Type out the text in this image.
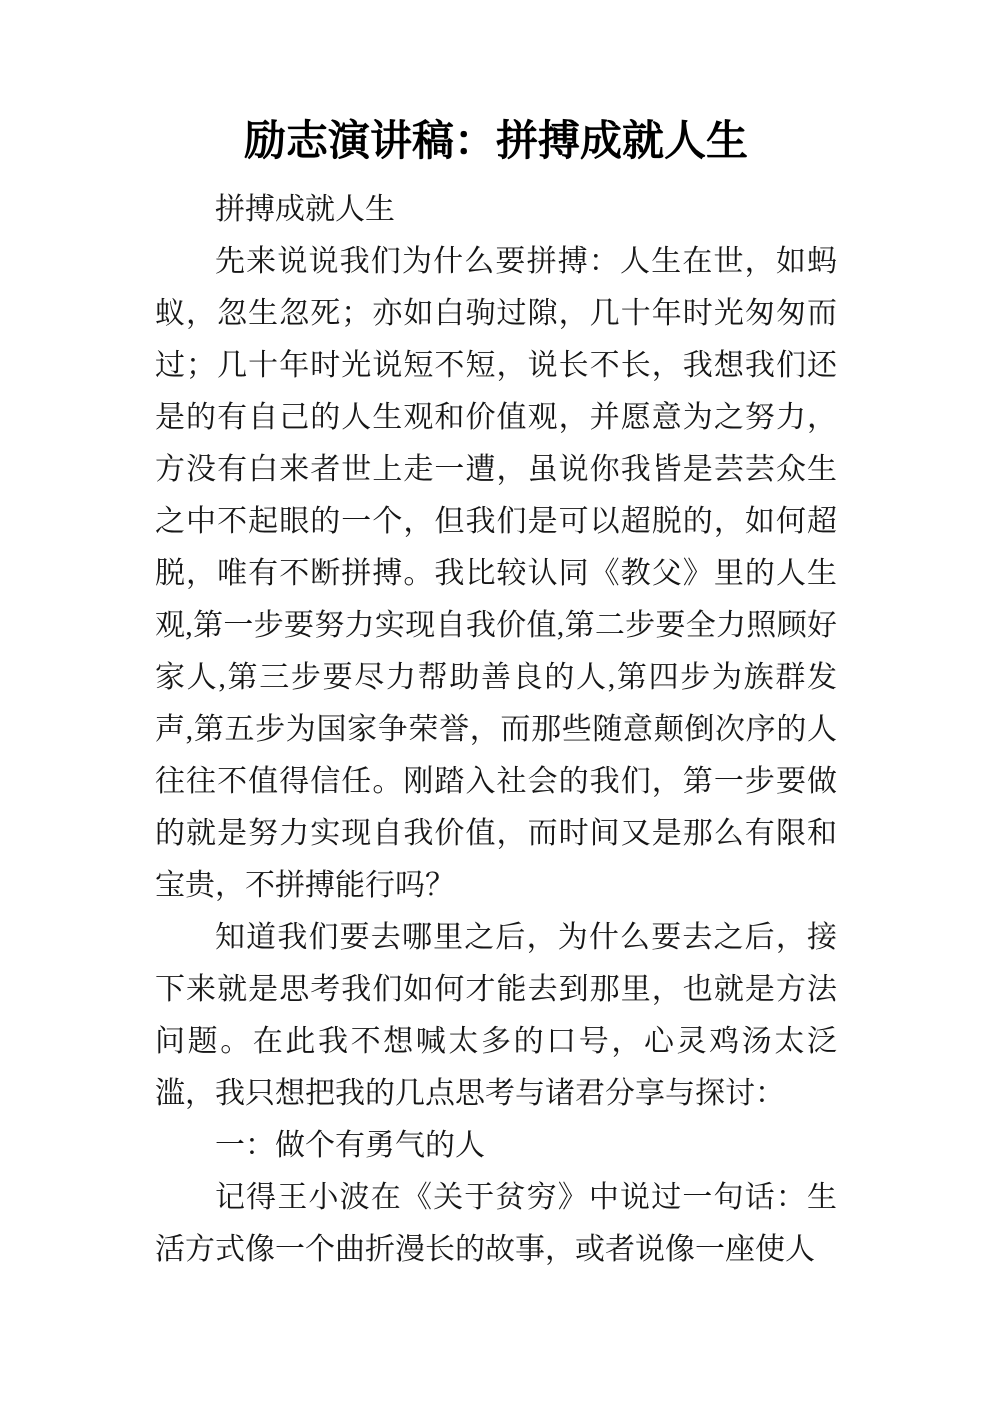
励志演讲稿：拼搏成就人生

拼搏成就人生

先来说说我们为什么要拼搏：人生在世，如蚂蚁，忽生忽死；亦如白驹过隙，几十年时光匆匆而过；几十年时光说短不短，说长不长，我想我们还是的有自己的人生观和价值观，并愿意为之努力，方没有白来者世上走一遭，虽说你我皆是芸芸众生之中不起眼的一个，但我们是可以超脱的，如何超脱，唯有不断拼搏。我比较认同《教父》里的人生观,第一步要努力实现自我价值,第二步要全力照顾好家人,第三步要尽力帮助善良的人,第四步为族群发声,第五步为国家争荣誉，而那些随意颠倒次序的人往往不值得信任。刚踏入社会的我们，第一步要做的就是努力实现自我价值，而时间又是那么有限和宝贵，不拼搏能行吗？

知道我们要去哪里之后，为什么要去之后，接下来就是思考我们如何才能去到那里，也就是方法问题。在此我不想喊太多的口号，心灵鸡汤太泛滥，我只想把我的几点思考与诸君分享与探讨：

一：做个有勇气的人

记得王小波在《关于贫穷》中说过一句话：生活方式像一个曲折漫长的故事，或者说像一座使人
